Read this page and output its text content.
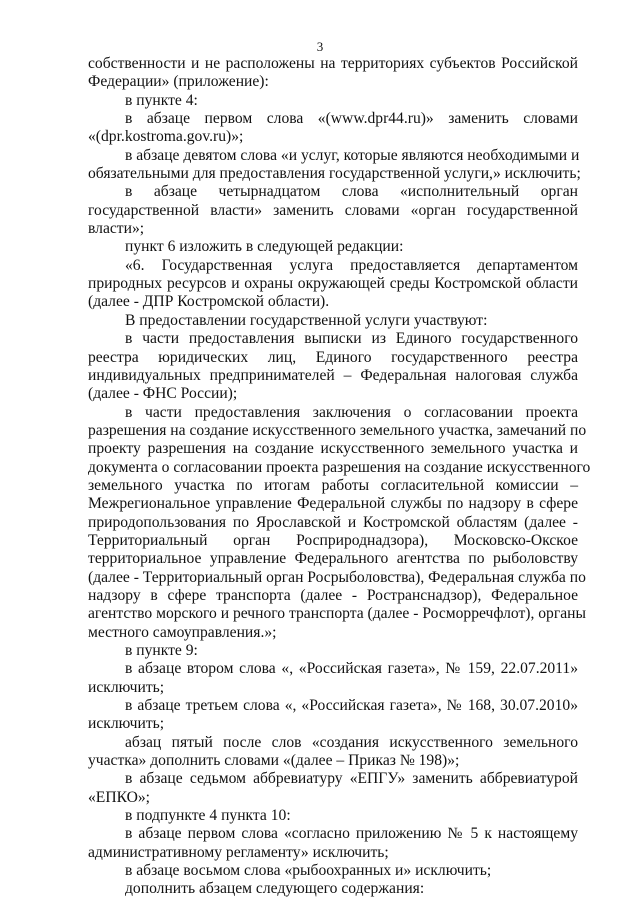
3
собственности и не расположены на территориях субъектов Российской
Федерации» (приложение):
в пункте 4:
в абзаце первом слова «(www.dpr44.ru)» заменить словами
«(dpr.kostroma.gov.ru)»;
в абзаце девятом слова «и услуг, которые являются необходимыми и
обязательными для предоставления государственной услуги,» исключить;
в абзаце четырнадцатом слова «исполнительный орган
государственной власти» заменить словами «орган государственной
власти»;
пункт 6 изложить в следующей редакции:
«6. Государственная услуга предоставляется департаментом
природных ресурсов и охраны окружающей среды Костромской области
(далее - ДПР Костромской области).
В предоставлении государственной услуги участвуют:
в части предоставления выписки из Единого государственного
реестра юридических лиц, Единого государственного реестра
индивидуальных предпринимателей – Федеральная налоговая служба
(далее - ФНС России);
в части предоставления заключения о согласовании проекта
разрешения на создание искусственного земельного участка, замечаний по
проекту разрешения на создание искусственного земельного участка и
документа о согласовании проекта разрешения на создание искусственного
земельного участка по итогам работы согласительной комиссии –
Межрегиональное управление Федеральной службы по надзору в сфере
природопользования по Ярославской и Костромской областям (далее -
Территориальный орган Росприроднадзора), Московско-Окское
территориальное управление Федерального агентства по рыболовству
(далее - Территориальный орган Росрыболовства), Федеральная служба по
надзору в сфере транспорта (далее - Ространснадзор), Федеральное
агентство морского и речного транспорта (далее - Росморречфлот), органы
местного самоуправления.»;
в пункте 9:
в абзаце втором слова «, «Российская газета», № 159, 22.07.2011»
исключить;
в абзаце третьем слова «, «Российская газета», № 168, 30.07.2010»
исключить;
абзац пятый после слов «создания искусственного земельного
участка» дополнить словами «(далее – Приказ № 198)»;
в абзаце седьмом аббревиатуру «ЕПГУ» заменить аббревиатурой
«ЕПКО»;
в подпункте 4 пункта 10:
в абзаце первом слова «согласно приложению № 5 к настоящему
административному регламенту» исключить;
в абзаце восьмом слова «рыбоохранных и» исключить;
дополнить абзацем следующего содержания:
